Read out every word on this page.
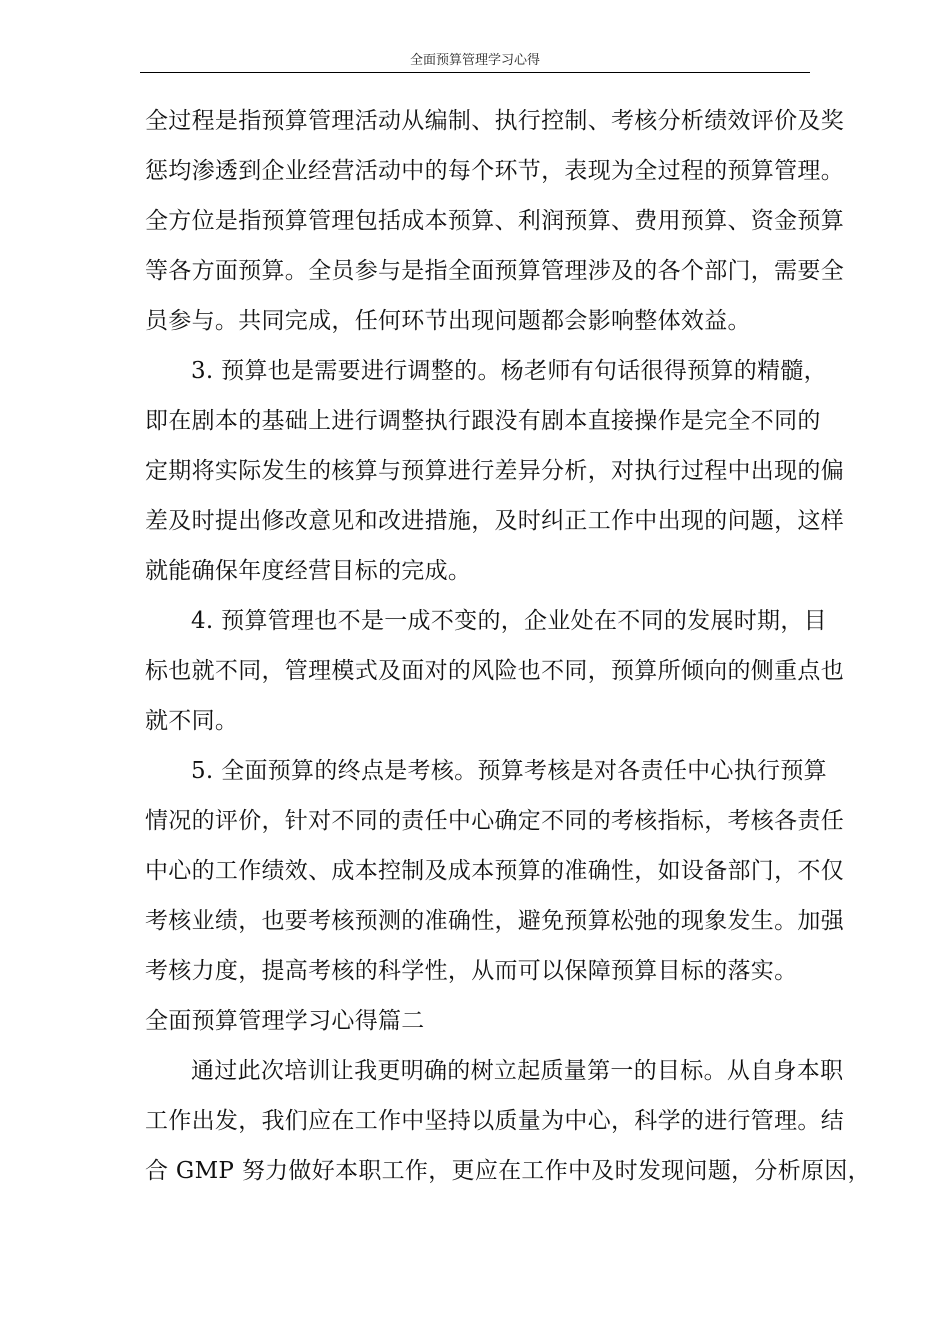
全面预算管理学习心得
全过程是指预算管理活动从编制、执行控制、考核分析绩效评价及奖
惩均渗透到企业经营活动中的每个环节，表现为全过程的预算管理。
全方位是指预算管理包括成本预算、利润预算、费用预算、资金预算
等各方面预算。全员参与是指全面预算管理涉及的各个部门，需要全
员参与。共同完成，任何环节出现问题都会影响整体效益。
3. 预算也是需要进行调整的。杨老师有句话很得预算的精髓，
即在剧本的基础上进行调整执行跟没有剧本直接操作是完全不同的
定期将实际发生的核算与预算进行差异分析，对执行过程中出现的偏
差及时提出修改意见和改进措施，及时纠正工作中出现的问题，这样
就能确保年度经营目标的完成。
4. 预算管理也不是一成不变的，企业处在不同的发展时期，目
标也就不同，管理模式及面对的风险也不同，预算所倾向的侧重点也
就不同。
5. 全面预算的终点是考核。预算考核是对各责任中心执行预算
情况的评价，针对不同的责任中心确定不同的考核指标，考核各责任
中心的工作绩效、成本控制及成本预算的准确性，如设备部门，不仅
考核业绩，也要考核预测的准确性，避免预算松弛的现象发生。加强
考核力度，提高考核的科学性，从而可以保障预算目标的落实。
全面预算管理学习心得篇二
通过此次培训让我更明确的树立起质量第一的目标。从自身本职
工作出发，我们应在工作中坚持以质量为中心，科学的进行管理。结
合 GMP 努力做好本职工作，更应在工作中及时发现问题，分析原因，
